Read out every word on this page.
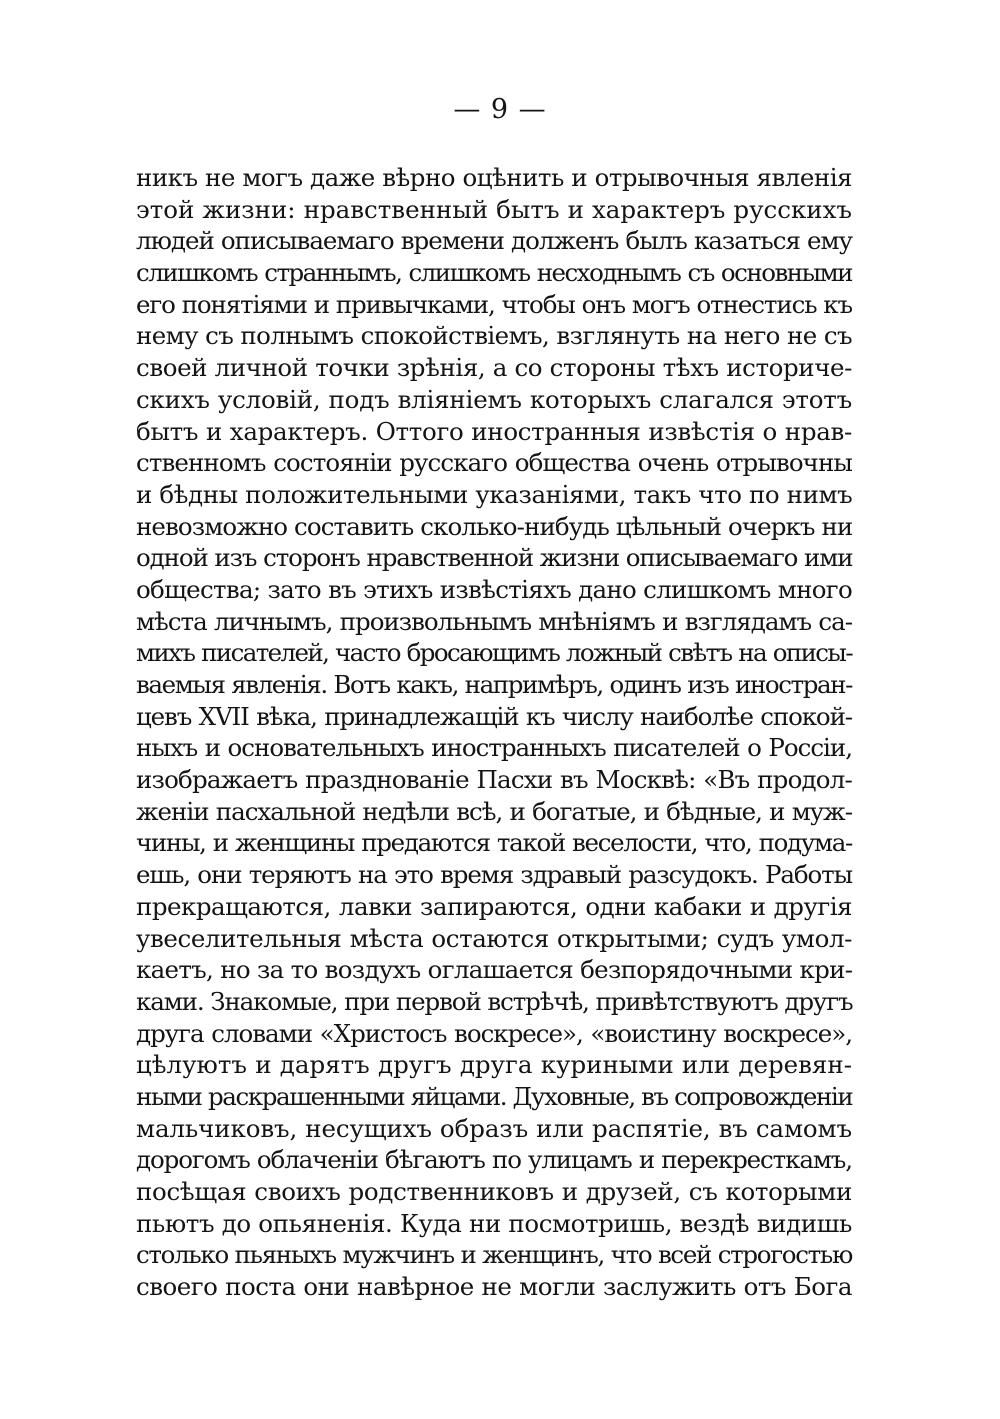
— 9 —
никъ не могъ даже вѣрно оцѣнить и отрывочныя явленія
этой жизни: нравственный бытъ и характеръ русскихъ
людей описываемаго времени долженъ былъ казаться ему
слишкомъ страннымъ, слишкомъ несходнымъ съ основными
его понятіями и привычками, чтобы онъ могъ отнестись къ
нему съ полнымъ спокойствіемъ, взглянуть на него не съ
своей личной точки зрѣнія, а со стороны тѣхъ историче-
скихъ условій, подъ вліяніемъ которыхъ слагался этотъ
бытъ и характеръ. Оттого иностранныя извѣстія о нрав-
ственномъ состояніи русскаго общества очень отрывочны
и бѣдны положительными указаніями, такъ что по нимъ
невозможно составить сколько-нибудь цѣльный очеркъ ни
одной изъ сторонъ нравственной жизни описываемаго ими
общества; зато въ этихъ извѣстіяхъ дано слишкомъ много
мѣста личнымъ, произвольнымъ мнѣніямъ и взглядамъ са-
михъ писателей, часто бросающимъ ложный свѣтъ на описы-
ваемыя явленія. Вотъ какъ, напримѣръ, одинъ изъ иностран-
цевъ XVII вѣка, принадлежащій къ числу наиболѣе спокой-
ныхъ и основательныхъ иностранныхъ писателей о Россіи,
изображаетъ празднованіе Пасхи въ Москвѣ: «Въ продол-
женіи пасхальной недѣли всѣ, и богатые, и бѣдные, и муж-
чины, и женщины предаются такой веселости, что, подума-
ешь, они теряютъ на это время здравый разсудокъ. Работы
прекращаются, лавки запираются, одни кабаки и другія
увеселительныя мѣста остаются открытыми; судъ умол-
каетъ, но за то воздухъ оглашается безпорядочными кри-
ками. Знакомые, при первой встрѣчѣ, привѣтствуютъ другъ
друга словами «Христосъ воскресе», «воистину воскресе»,
цѣлуютъ и дарятъ другъ друга куриными или деревян-
ными раскрашенными яйцами. Духовные, въ сопровожденіи
мальчиковъ, несущихъ образъ или распятіе, въ самомъ
дорогомъ облаченіи бѣгаютъ по улицамъ и перекресткамъ,
посѣщая своихъ родственниковъ и друзей, съ которыми
пьютъ до опьяненія. Куда ни посмотришь, вездѣ видишь
столько пьяныхъ мужчинъ и женщинъ, что всей строгостью
своего поста они навѣрное не могли заслужить отъ Бога
